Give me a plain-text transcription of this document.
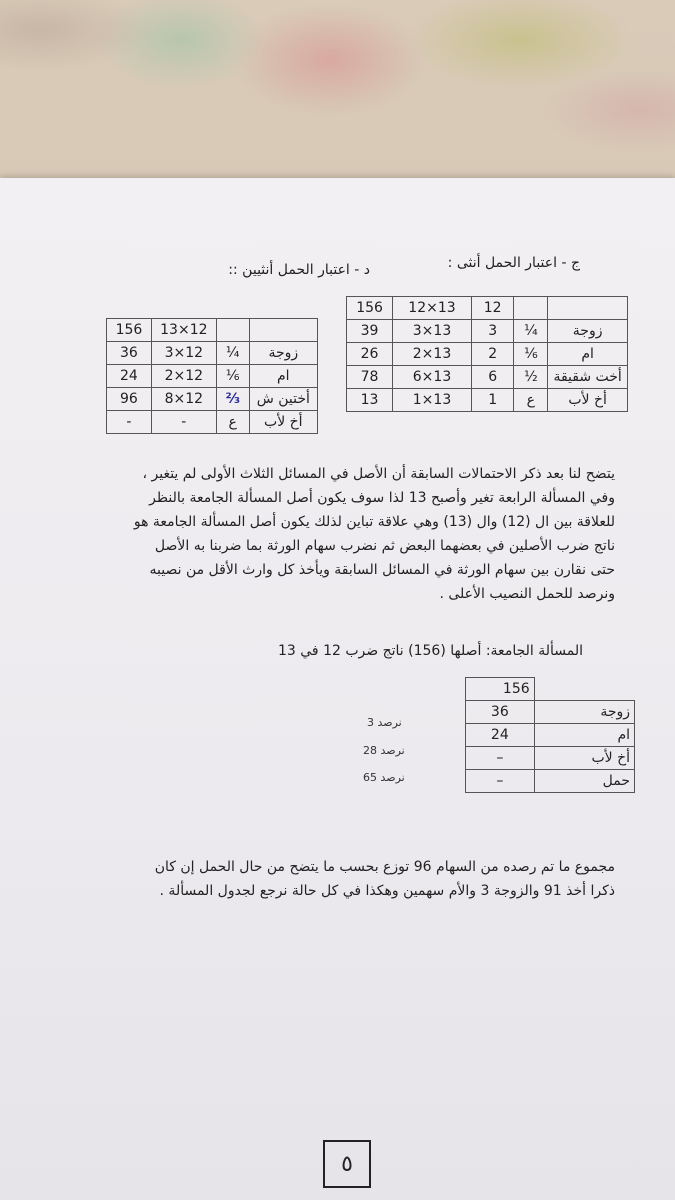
ج - اعتبار الحمل أنثى :
د - اعتبار الحمل أنثيين ::
		12	13×12	156
زوجة	¼	3	13×3	39
ام	⅙	2	13×2	26
أخت شقيقة	½	6	13×6	78
أخ لأب	ع	1	13×1	13
		12×13	156
زوجة	¼	12×3	36
ام	⅙	12×2	24
أختين ش	⅔	12×8	96
أخ لأب	ع	-	-
يتضح لنا بعد ذكر الاحتمالات السابقة أن الأصل في المسائل الثلاث الأولى لم يتغير ،
وفي المسألة الرابعة تغير وأصبح 13 لذا سوف يكون أصل المسألة الجامعة بالنظر
للعلاقة بين ال (12) وال (13) وهي علاقة تباين لذلك يكون أصل المسألة الجامعة هو
ناتج ضرب الأصلين في بعضهما البعض ثم نضرب سهام الورثة بما ضربنا به الأصل
حتى نقارن بين سهام الورثة في المسائل السابقة ويأخذ كل وارث الأقل من نصيبه
ونرصد للحمل النصيب الأعلى .
المسألة الجامعة: أصلها (156) ناتج ضرب 12 في 13
	156
زوجة	36
ام	24
أخ لأب	–
حمل	–
نرصد 3
نرصد 28
نرصد 65
مجموع ما تم رصده من السهام 96 توزع بحسب ما يتضح من حال الحمل إن كان
ذكرا أخذ 91 والزوجة 3 والأم سهمين وهكذا في كل حالة نرجع لجدول المسألة .
٥
